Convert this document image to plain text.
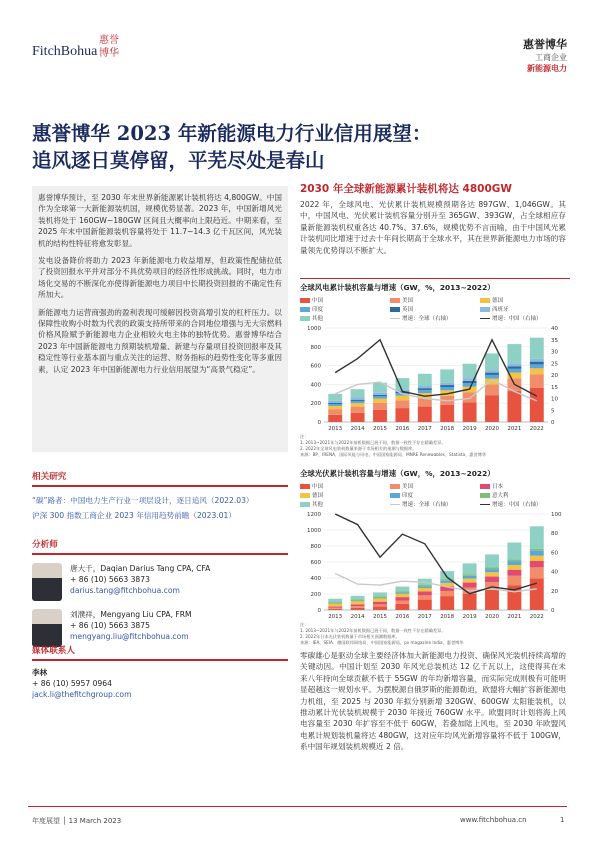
FitchBohua
惠誉
博华
惠誉博华
工商企业
新能源电力
惠誉博华 2023 年新能源电力行业信用展望：
追风逐日莫停留，平芜尽处是春山

惠誉博华预计，至 2030 年末世界新能源累计装机将达 4,800GW。中国作为全球第一大新能源装机国，规模优势显著。2023 年，中国新增风光装机将处于 160GW~180GW 区间且大概率向上限趋近。中期来看，至 2025 年末中国新能源装机容量将处于 11.7~14.3 亿千瓦区间，风光装机的结构性特征将愈发彰显。

发电设备降价将助力 2023 年新能源电力收益增厚，但政策性配储拉低了投资回报水平并对部分不具优势项目的经济性形成挑战。同时，电力市场化交易的不断深化亦使得新能源电力项目中长期投资回报的不确定性有所加大。

新能源电力运营商强劲的盈利表现可缓解因投资高增引发的杠杆压力。以保障性收购小时数为代表的政策支持所带来的合同地位增强与无大宗燃料价格风险赋予新能源电力企业相较火电主体的独特优势。惠誉博华结合 2023 年中国新能源电力预期装机增量、新建与存量项目投资回报率及其稳定性等行业基本面与重点关注的运营、财务指标的趋势性变化等多重因素，认定 2023 年中国新能源电力行业信用展望为“高景气稳定”。

相关研究
“碳”路者：中国电力生产行业一项层设计，逐日追风（2022.03）
沪深 300 指数工商企业 2023 年信用趋势前瞻（2023.01）
分析师
唐大千，Daqian Darius Tang CPA, CFA
+ 86 (10) 5663 3873
darius.tang@fitchbohua.com
刘濮祥，Mengyang Liu CPA, FRM
+ 86 (10) 5663 3875
mengyang.liu@fitchbohua.com
媒体联系人
李林
+ 86 (10) 5957 0964
jack.li@thefitchgroup.com
2030 年全球新能源累计装机将达 4800GW
2022 年，全球风电、光伏累计装机规模预期各达 897GW、1,046GW。其中，中国风电、光伏累计装机容量分别升至 365GW、393GW，占全球相应存量新能源装机权重各达 40.7%、37.6%，规模优势不言而喻，由于中国风光累计装机同比增速于过去十年间长期高于全球水平，其在世界新能源电力市场的容量领先优势得以不断扩大。
全球风电累计装机容量与增速（GW，%，2013~2022）
中国	美国	德国
印度	英国	西班牙
其他	增速：全球（右轴）	增速：中国（右轴）
0
200
400
600
800
1000
0
5
10
15
20
25
30
35
40
2013 2014 2015 2016 2017 2018 2019 2020 2021 2022
注：
1. 2013~2021年与2022年前机数据已展不同，数据一致性不存在精确差异。
2. 2022年全球风电装机数量来源于市场相关的预测与数据库。
来源：BP、IRENA、国际风能与风电、中国国家能源局、MNRE Renewables、Statista、惠誉博华
全球光伏累计装机容量与增速（GW，%，2013~2022）
中国	美国	日本
德国	印度	意大利
其他	增速：全球（右轴）	增速：中国（右轴）
0
200
400
600
800
1000
1200
0
20
40
60
80
100
2013 2014 2015 2016 2017 2018 2019 2020 2021 2022
注：
1. 2013~2021年与2022年前机数据已展不同，数据一致性不存在精确差异。
2. 2022年日本光伏装机数量于市场相关预测数据库。
来源：IEA、SEIA、德国联邦网络局、中国国家能源局、pv magazine India、惠誉博华
零碳雄心是驱动全球主要经济体加大新能源电力投资、确保风光装机持续高增的关键动因。中国计划至 2030 年风光总装机达 12 亿千瓦以上，这使得其在未来八年持向全球贡献不低于 55GW 的年均新增容量，而实际完成则极有可能明显超越这一规划水平。为摆脱源自俄罗斯的能源勒迫，欧盟将大幅扩容新能源电力机组，至 2025 与 2030 年拟分别新增 320GW、600GW 太阳能装机，以推动累计光伏装机规模于 2030 年接近 760GW 水平。欧盟同时计划将海上风电容量至 2030 年扩容至不低于 60GW，若叠加陆上风电，至 2030 年欧盟风电累计规划装机量将达 480GW，这对应年均风光新增容量将不低于 100GW，系中国年规划装机规模近 2 倍。
年度展望 │ 13 March 2023	www.fitchbohua.cn	1
